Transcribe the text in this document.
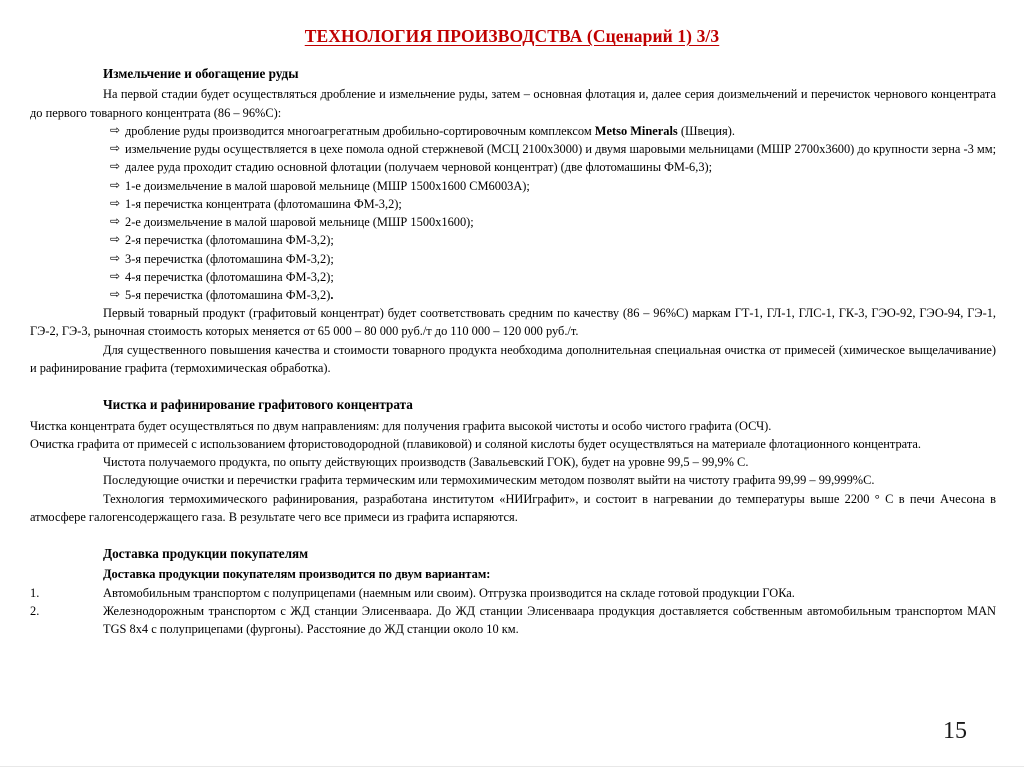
ТЕХНОЛОГИЯ ПРОИЗВОДСТВА (Сценарий 1) 3/3
Измельчение и обогащение руды

На первой стадии будет осуществляться дробление и измельчение руды, затем – основная флотация и, далее серия доизмельчений и перечисток чернового концентрата до первого товарного концентрата (86 – 96%С):

⇨ дробление руды производится многоагрегатным дробильно-сортировочным комплексом Metso Minerals (Швеция).
⇨ измельчение руды осуществляется в цехе помола одной стержневой (МСЦ 2100х3000) и двумя шаровыми мельницами (МШР 2700х3600) до крупности зерна -3 мм;
⇨ далее руда проходит стадию основной флотации (получаем черновой концентрат) (две флотомашины ФМ-6,3);
⇨ 1-е доизмельчение в малой шаровой мельнице (МШР 1500х1600 СМ6003А);
⇨ 1-я перечистка концентрата (флотомашина ФМ-3,2);
⇨ 2-е доизмельчение в малой шаровой мельнице (МШР 1500х1600);
⇨ 2-я перечистка (флотомашина ФМ-3,2);
⇨ 3-я перечистка (флотомашина ФМ-3,2);
⇨ 4-я перечистка (флотомашина ФМ-3,2);
⇨ 5-я перечистка (флотомашина ФМ-3,2).

Первый товарный продукт (графитовый концентрат) будет соответствовать средним по качеству (86 – 96%С) маркам ГТ-1, ГЛ-1, ГЛС-1, ГК-3, ГЭО-92, ГЭО-94, ГЭ-1, ГЭ-2, ГЭ-3, рыночная стоимость которых меняется от 65 000 – 80 000 руб./т до 110 000 – 120 000 руб./т.

Для существенного повышения качества и стоимости товарного продукта необходима дополнительная специальная очистка от примесей (химическое выщелачивание) и рафинирование графита (термохимическая обработка).

Чистка и рафинирование графитового концентрата

Чистка концентрата будет осуществляться по двум направлениям: для получения графита высокой чистоты и особо чистого графита (ОСЧ).

Очистка графита от примесей с использованием фтористоводородной (плавиковой) и соляной кислоты будет осуществляться на материале флотационного концентрата.

Чистота получаемого продукта, по опыту действующих производств (Завальевский ГОК), будет на уровне 99,5 – 99,9% С.

Последующие очистки и перечистки графита термическим или термохимическим методом позволят выйти на чистоту графита 99,99 – 99,999%С.

Технология термохимического рафинирования, разработана институтом «НИИграфит», и состоит в нагревании до температуры выше 2200 ° С в печи Ачесона в атмосфере галогенсодержащего газа. В результате чего все примеси из графита испаряются.

Доставка продукции покупателям

Доставка продукции покупателям производится по двум вариантам:

1.	Автомобильным транспортом с полуприцепами (наемным или своим). Отгрузка производится на складе готовой продукции ГОКа.
2.	Железнодорожным транспортом с ЖД станции Элисенваара. До ЖД станции Элисенваара продукция доставляется собственным автомобильным транспортом MAN TGS 8х4 с полуприцепами (фургоны). Расстояние до ЖД станции около 10 км.
15
